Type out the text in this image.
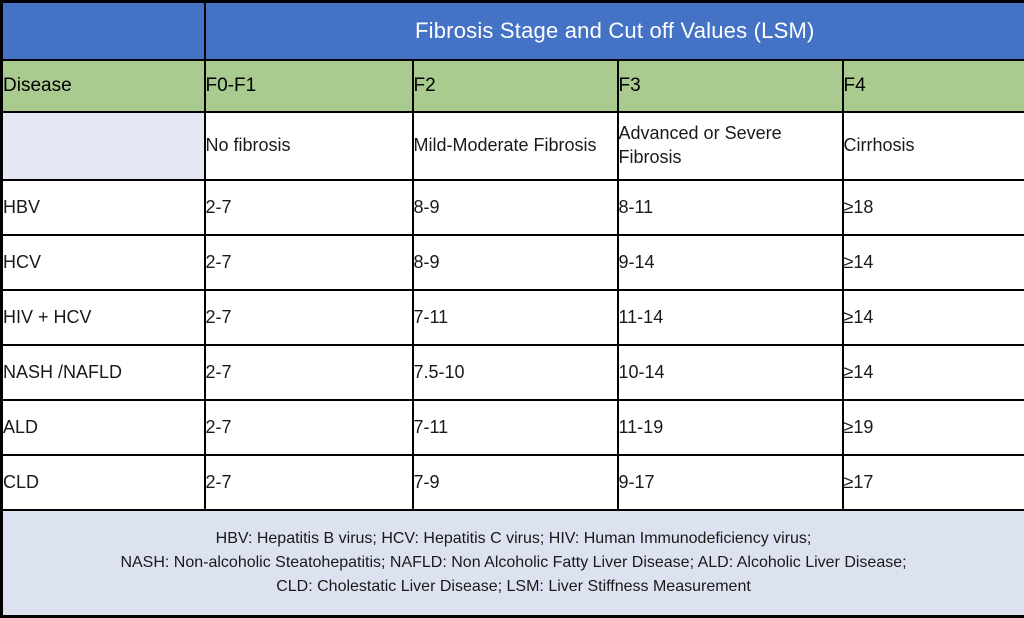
	Fibrosis Stage and Cut off Values (LSM)			
Disease	F0-F1	F2	F3	F4
	No fibrosis	Mild-Moderate Fibrosis	Advanced or Severe Fibrosis	Cirrhosis
HBV	2-7	8-9	8-11	≥18
HCV	2-7	8-9	9-14	≥14
HIV + HCV	2-7	7-11	11-14	≥14
NASH /NAFLD	2-7	7.5-10	10-14	≥14
ALD	2-7	7-11	11-19	≥19
CLD	2-7	7-9	9-17	≥17

HBV: Hepatitis B virus; HCV: Hepatitis C virus; HIV: Human Immunodeficiency virus;
NASH: Non-alcoholic Steatohepatitis; NAFLD: Non Alcoholic Fatty Liver Disease; ALD: Alcoholic Liver Disease;
CLD: Cholestatic Liver Disease; LSM: Liver Stiffness Measurement				
